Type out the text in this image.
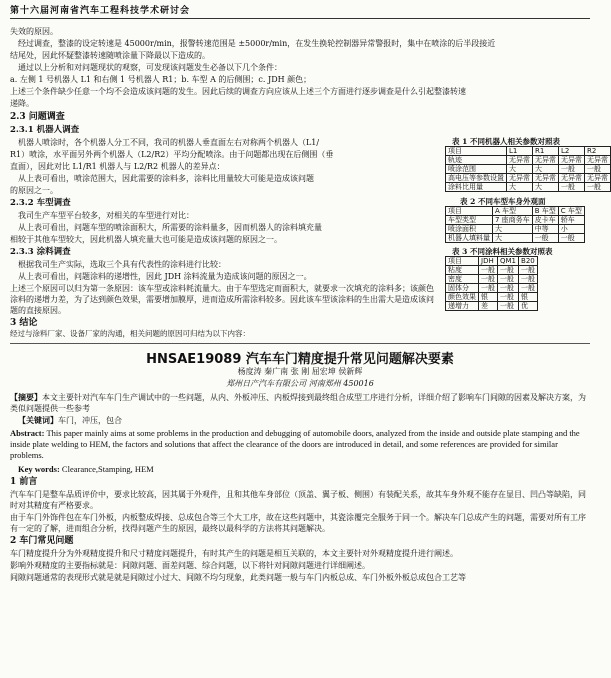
第十六届河南省汽车工程科技学术研讨会
失效的原因。
经过调查，整漆的设定转速是 45000r/min，报警转速范围是 ±5000r/min，在发生换轮控制器异常警报时，集中在喷涂的后半段接近
结尾处，因此怀疑整漆转速随喷涂量下降最以下造成的。
通过以上分析和对问题现状的观察，可发现该问题发生必备以下几个条件：
a. 左侧 1 号机器人 L1 和右侧 1 号机器人 R1；b. 车型 A 的后侧围；c. JDH 颜色；
上述三个条件缺少任意一个均不会造成该问题的发生。因此后续的调查方向应该从上述三个方面进行逐步调查是什么引起整漆转速
递降。
2.3 问题调查
2.3.1 机器人调查
机器人喷涂时，各个机器人分工不同，我司的机器人垂直面左右对称两个机器人（L1/
R1）喷涂，水平面另外两个机器人（L2/R2）平均分配喷涂。由于问题都出现在后侧围（垂
直面），因此对比 L1/R1 机器人与 L2/R2 机器人的差异点：
从上表可看出，喷涂范围大，因此需要的涂料多，涂料比用量较大可能是造成该问题
的原因之一。
2.3.2 车型调查
我司生产车型平台较多，对相关的车型进行对比：
从上表可看出，问题车型的喷涂面积大，所需要的涂料量多，因而机器人的涂料填充量
相较于其他车型较大，因此机器人填充量大也可能是造成该问题的原因之一。
2.3.3 涂料调查
根据我司生产实际，选取三个具有代表性的涂料进行比较：
从上表可看出，问题涂料的递增性，因此 JDH 涂料流量为造成该问题的原因之一。
上述三个原因可以归为第一条原因：该车型或涂料耗流量大。由于车型选定而面积大，就要求一次填充的涂料多；该颜色涂料的递增力差，为了达到颜色效果，需要增加膜厚，进而造成所需涂料较多。因此该车型该涂料的生出需大是造成该问题的直接原因。
3 结论
经过与涂料厂家、设备厂家的沟通，相关问题的原因可归结为以下内容：
HNSAE19089 汽车车门精度提升常见问题解决要素
杨度涛 秦广南 张 刚 屈宏坤 侯新辉
郑州日产汽车有限公司 河南郑州 450016
【摘要】本文主要针对汽车车门生产调试中的一些问题，从内、外板冲压、内板焊接到最终组合成型工序进行分析，详细介绍了影响车门间隙的因素及解决方案，为类似问题提供一些参考
【关键词】车门，冲压，包合
Abstract: This paper mainly aims at some problems in the production and debugging of automobile doors, analyzed from the inside and outside plate stamping and the inside plate welding to HEM, the factors and solutions that affect the clearance of the doors are introduced in detail, and some references are provided for similar problems.
Key words: Clearance,Stamping, HEM
1 前言
汽车车门是整车品质评价中，要求比较高，因其属于外观件，且和其他车身部位（顶盖、翼子板、侧围）有装配关系，故其车身外观不能存在显目、凹凸等缺陷，同时对其精度有严格要求。
由于车门外饰件包在车门外板，内板整成焊接、总成包合等三个大工序，故在这些问题中，其瓷涂覆完全服务于同一个。解决车门总成产生的问题，需要对所有工序有一定的了解，进而组合分析，找得问题产生的原因，最终以最科学的方法将其问题解决。
2 车门常见问题
车门精度提升分为外观精度提升和尺寸精度问题提升，有时其产生的问题是相互关联的，本文主要针对外观精度提升进行阐述。
影响外观精度的主要指标就是：间隙问题、面差问题、综合问题，以下将针对间隙问题进行详细阐述。
间隙问题通常的表现形式就是就是间隙过小过大、间隙不均匀现象，此类问题一般与车门内板总成、车门外板外板总成包合工艺等
表 1 不同机器人相关参数对照表
项目	L1	R1	L2	R2
轨迹	无异常	无异常	无异常	无异常
喷涂范围	大	大	一般	一般
高电压等参数设置	无异常	无异常	无异常	无异常
涂料比用量	大	大	一般	一般
表 2 不同车型车身外观面
项目	A 车型	B 车型	C 车型
车型类型	7 座商务车	皮卡车	轿车
喷涂面积	大	中等	小
机器人填料量	大	一般	一般
表 3 不同涂料相关参数对照表
项目	JDH	QM1	B20
粘度	一般	一般	一般
密度	一般	一般	一般
固体分	一般	一般	一般
颜色效果	银	一般	银
递增力	差	一般	优
